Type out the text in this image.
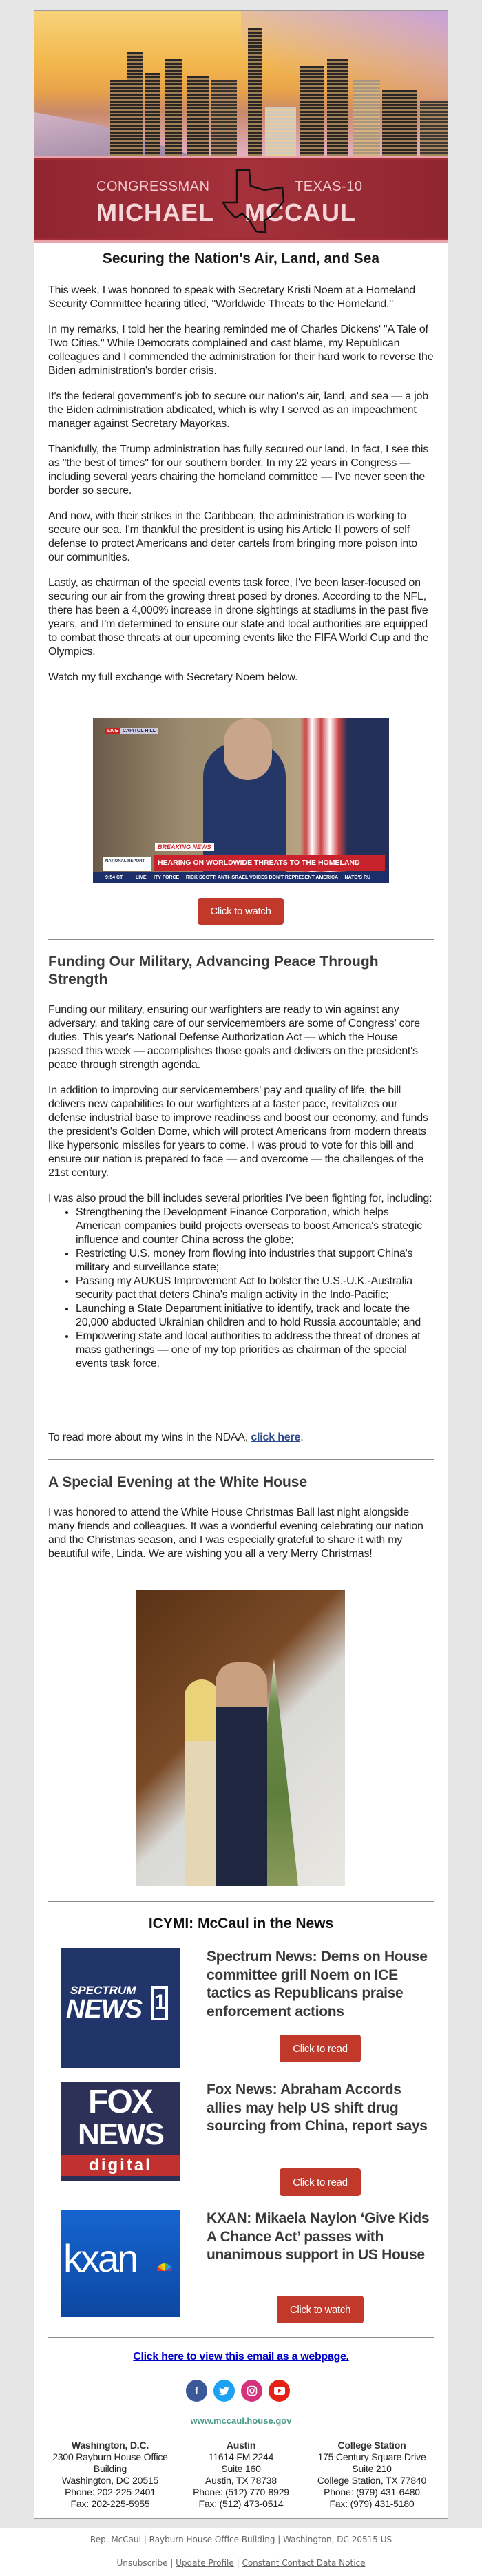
CONGRESSMAN	TEXAS-10
MICHAEL MCCAUL
Securing the Nation's Air, Land, and Sea

This week, I was honored to speak with Secretary Kristi Noem at a Homeland Security Committee hearing titled, "Worldwide Threats to the Homeland."

In my remarks, I told her the hearing reminded me of Charles Dickens' "A Tale of Two Cities." While Democrats complained and cast blame, my Republican colleagues and I commended the administration for their hard work to reverse the Biden administration's border crisis.

It's the federal government's job to secure our nation's air, land, and sea — a job the Biden administration abdicated, which is why I served as an impeachment manager against Secretary Mayorkas.

Thankfully, the Trump administration has fully secured our land. In fact, I see this as "the best of times" for our southern border. In my 22 years in Congress — including several years chairing the homeland committee — I've never seen the border so secure.

And now, with their strikes in the Caribbean, the administration is working to secure our sea. I'm thankful the president is using his Article II powers of self defense to protect Americans and deter cartels from bringing more poison into our communities.

Lastly, as chairman of the special events task force, I've been laser-focused on securing our air from the growing threat posed by drones. According to the NFL, there has been a 4,000% increase in drone sightings at stadiums in the past five years, and I'm determined to ensure our state and local authorities are equipped to combat those threats at our upcoming events like the FIFA World Cup and the Olympics.

Watch my full exchange with Secretary Noem below.

LIVE CAPITOL HILL
BREAKING NEWS
NATIONAL REPORT	HEARING ON WORLDWIDE THREATS TO THE HOMELAND
9:54 CT	LIVE ITY FORCE     RICK SCOTT: ANTI-ISRAEL VOICES DON'T REPRESENT AMERICA     NATO'S RU
Click to watch
Funding Our Military, Advancing Peace Through Strength

Funding our military, ensuring our warfighters are ready to win against any adversary, and taking care of our servicemembers are some of Congress' core duties. This year's National Defense Authorization Act — which the House passed this week — accomplishes those goals and delivers on the president's peace through strength agenda.

In addition to improving our servicemembers' pay and quality of life, the bill delivers new capabilities to our warfighters at a faster pace, revitalizes our defense industrial base to improve readiness and boost our economy, and funds the president's Golden Dome, which will protect Americans from modern threats like hypersonic missiles for years to come. I was proud to vote for this bill and ensure our nation is prepared to face — and overcome — the challenges of the 21st century.

I was also proud the bill includes several priorities I've been fighting for, including:

• Strengthening the Development Finance Corporation, which helps American companies build projects overseas to boost America's strategic influence and counter China across the globe;
• Restricting U.S. money from flowing into industries that support China's military and surveillance state;
• Passing my AUKUS Improvement Act to bolster the U.S.-U.K.-Australia security pact that deters China's malign activity in the Indo-Pacific;
• Launching a State Department initiative to identify, track and locate the 20,000 abducted Ukrainian children and to hold Russia accountable; and
• Empowering state and local authorities to address the threat of drones at mass gatherings — one of my top priorities as chairman of the special events task force.
To read more about my wins in the NDAA, click here.
A Special Evening at the White House

I was honored to attend the White House Christmas Ball last night alongside many friends and colleagues. It was a wonderful evening celebrating our nation and the Christmas season, and I was especially grateful to share it with my beautiful wife, Linda. We are wishing you all a very Merry Christmas!

ICYMI: McCaul in the News
SPECTRUM
NEWS 1
Spectrum News: Dems on House committee grill Noem on ICE tactics as Republicans praise enforcement actions
Click to read
FOX
NEWS
digital
Fox News: Abraham Accords allies may help US shift drug sourcing from China, report says
Click to read
kxan
KXAN: Mikaela Naylon ‘Give Kids A Chance Act’ passes with unanimous support in US House
Click to watch
Click here to view this email as a webpage.
f
www.mccaul.house.gov
Washington, D.C.
2300 Rayburn House Office Building
Washington, DC 20515
Phone: 202-225-2401
Fax: 202-225-5955
Austin
11614 FM 2244
Suite 160
Austin, TX 78738
Phone: (512) 770-8929
Fax: (512) 473-0514
College Station
175 Century Square Drive
Suite 210
College Station, TX 77840
Phone: (979) 431-6480
Fax: (979) 431-5180
Rep. McCaul | Rayburn House Office Building | Washington, DC 20515 US
Unsubscribe | Update Profile | Constant Contact Data Notice
